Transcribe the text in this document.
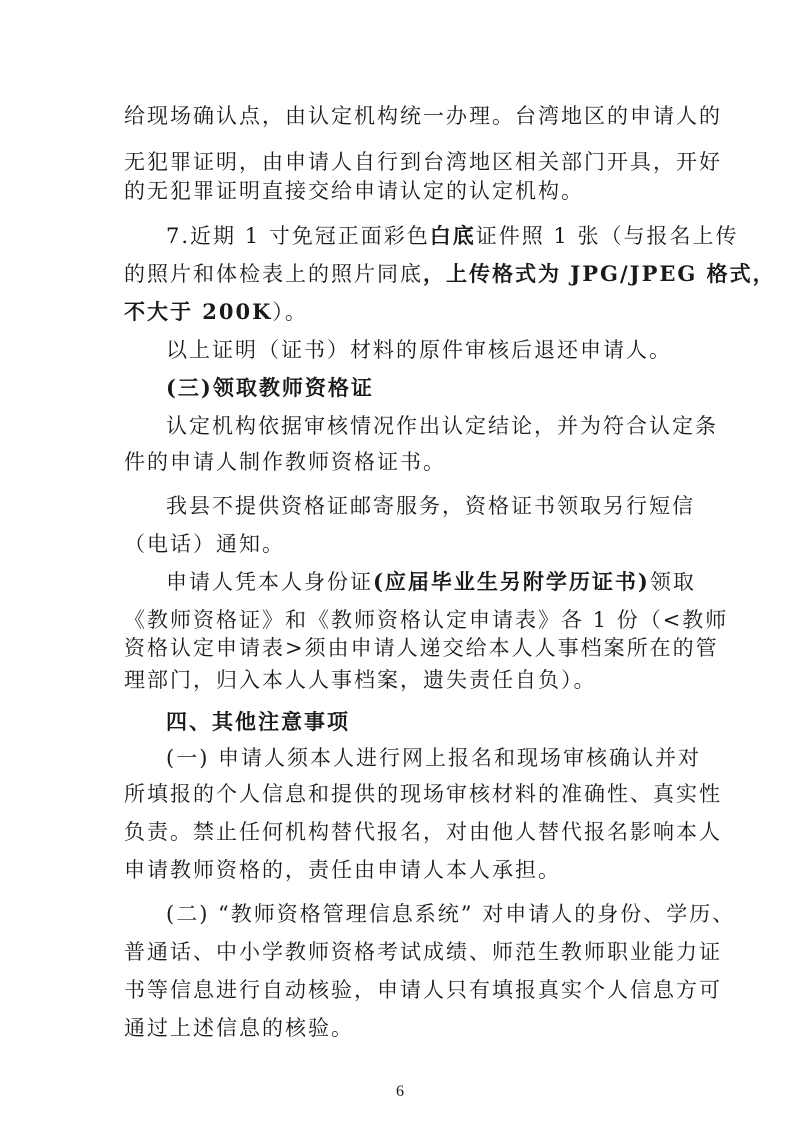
给现场确认点，由认定机构统一办理。台湾地区的申请人的
无犯罪证明，由申请人自行到台湾地区相关部门开具，开好
的无犯罪证明直接交给申请认定的认定机构。
7.近期 1 寸免冠正面彩色白底证件照 1 张（与报名上传
的照片和体检表上的照片同底，上传格式为 JPG/JPEG 格式，
不大于 200K）。
以上证明（证书）材料的原件审核后退还申请人。
(三)领取教师资格证
认定机构依据审核情况作出认定结论，并为符合认定条
件的申请人制作教师资格证书。
我县不提供资格证邮寄服务，资格证书领取另行短信
（电话）通知。
申请人凭本人身份证(应届毕业生另附学历证书)领取
《教师资格证》和《教师资格认定申请表》各 1 份（<教师
资格认定申请表>须由申请人递交给本人人事档案所在的管
理部门，归入本人人事档案，遗失责任自负）。
四、其他注意事项
(一) 申请人须本人进行网上报名和现场审核确认并对
所填报的个人信息和提供的现场审核材料的准确性、真实性
负责。禁止任何机构替代报名，对由他人替代报名影响本人
申请教师资格的，责任由申请人本人承担。
(二) “教师资格管理信息系统” 对申请人的身份、学历、
普通话、中小学教师资格考试成绩、师范生教师职业能力证
书等信息进行自动核验，申请人只有填报真实个人信息方可
通过上述信息的核验。
6
